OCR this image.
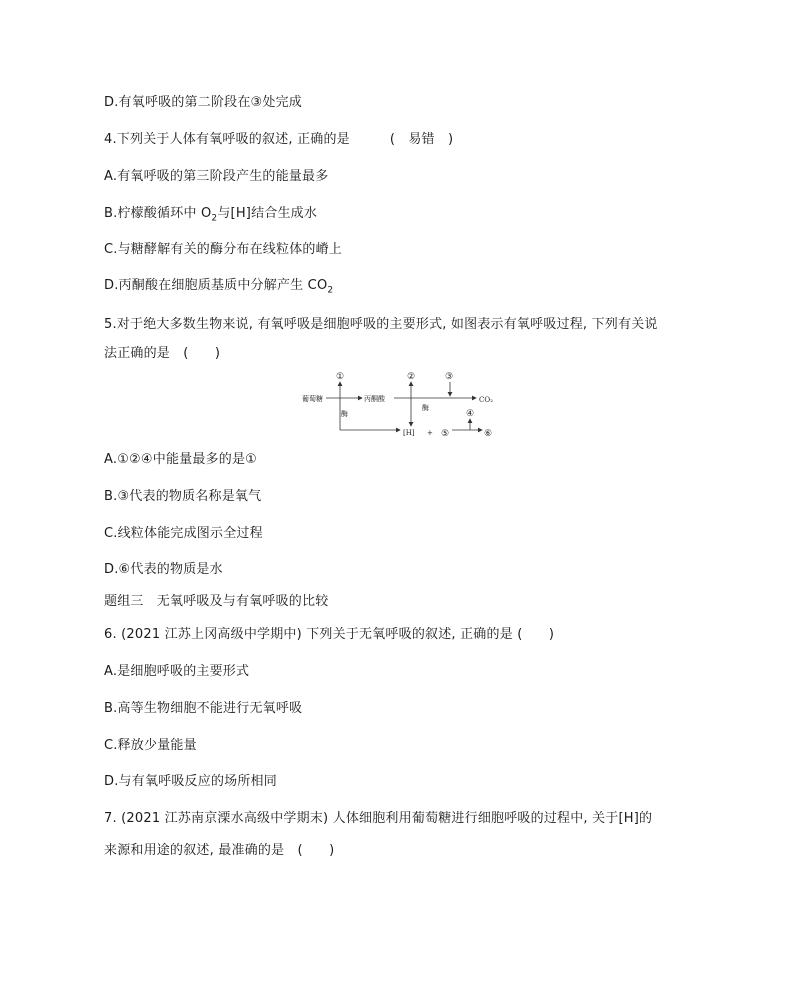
D.有氧呼吸的第二阶段在③处完成
4.下列关于人体有氧呼吸的叙述, 正确的是	(　易错　)
A.有氧呼吸的第三阶段产生的能量最多
B.柠檬酸循环中 $O_2$与[H]结合生成水
C.与糖酵解有关的酶分布在线粒体的嵴上
D.丙酮酸在细胞质基质中分解产生 $CO_2$
5.对于绝大多数生物来说, 有氧呼吸是细胞呼吸的主要形式, 如图表示有氧呼吸过程, 下列有关说
法正确的是　(　　)
葡萄糖	丙酮酸	CO₂
[H] +
酶
酶
①	②	③
④
⑤	⑥
A.①②④中能量最多的是①
B.③代表的物质名称是氧气
C.线粒体能完成图示全过程
D.⑥代表的物质是水
题组三　无氧呼吸及与有氧呼吸的比较
6. (2021 江苏上冈高级中学期中) 下列关于无氧呼吸的叙述, 正确的是 (　　)
A.是细胞呼吸的主要形式
B.高等生物细胞不能进行无氧呼吸
C.释放少量能量
D.与有氧呼吸反应的场所相同
7. (2021 江苏南京溧水高级中学期末) 人体细胞利用葡萄糖进行细胞呼吸的过程中, 关于[H]的
来源和用途的叙述, 最准确的是　(　　)
